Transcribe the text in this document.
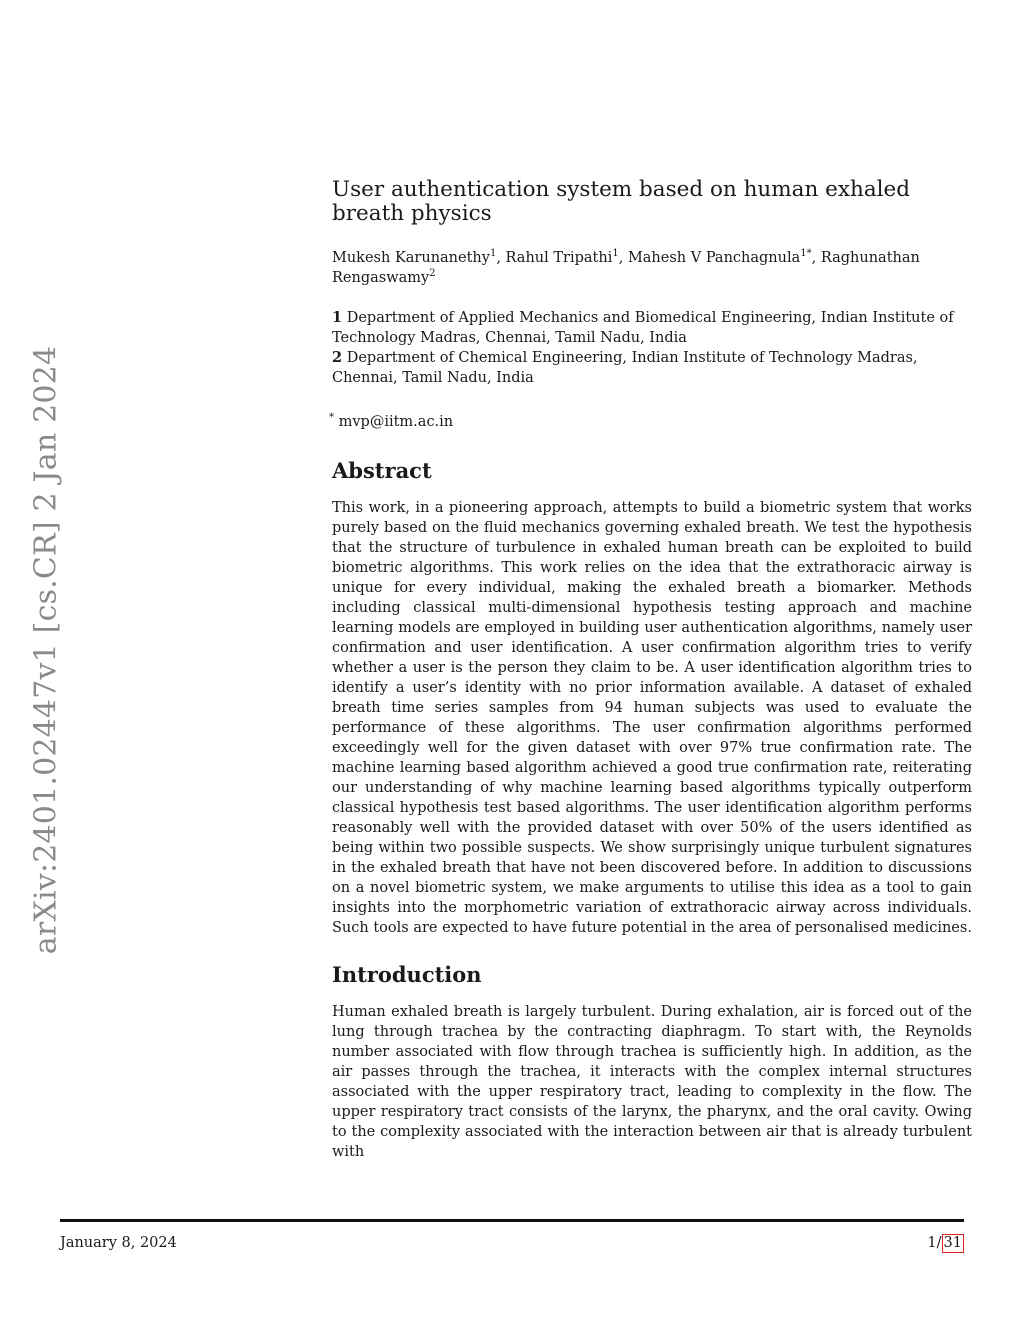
arXiv:2401.02447v1 [cs.CR] 2 Jan 2024
User authentication system based on human exhaled breath physics
Mukesh Karunanethy$^1$, Rahul Tripathi$^1$, Mahesh V Panchagnula$^{1*}$, Raghunathan Rengaswamy$^2$
1 Department of Applied Mechanics and Biomedical Engineering, Indian Institute of Technology Madras, Chennai, Tamil Nadu, India
2 Department of Chemical Engineering, Indian Institute of Technology Madras, Chennai, Tamil Nadu, India
* mvp@iitm.ac.in
Abstract
This work, in a pioneering approach, attempts to build a biometric system that works purely based on the fluid mechanics governing exhaled breath. We test the hypothesis that the structure of turbulence in exhaled human breath can be exploited to build biometric algorithms. This work relies on the idea that the extrathoracic airway is unique for every individual, making the exhaled breath a biomarker. Methods including classical multi-dimensional hypothesis testing approach and machine learning models are employed in building user authentication algorithms, namely user confirmation and user identification. A user confirmation algorithm tries to verify whether a user is the person they claim to be. A user identification algorithm tries to identify a user’s identity with no prior information available. A dataset of exhaled breath time series samples from 94 human subjects was used to evaluate the performance of these algorithms. The user confirmation algorithms performed exceedingly well for the given dataset with over 97% true confirmation rate. The machine learning based algorithm achieved a good true confirmation rate, reiterating our understanding of why machine learning based algorithms typically outperform classical hypothesis test based algorithms. The user identification algorithm performs reasonably well with the provided dataset with over 50% of the users identified as being within two possible suspects. We show surprisingly unique turbulent signatures in the exhaled breath that have not been discovered before. In addition to discussions on a novel biometric system, we make arguments to utilise this idea as a tool to gain insights into the morphometric variation of extrathoracic airway across individuals. Such tools are expected to have future potential in the area of personalised medicines.
Introduction
Human exhaled breath is largely turbulent. During exhalation, air is forced out of the lung through trachea by the contracting diaphragm. To start with, the Reynolds number associated with flow through trachea is sufficiently high. In addition, as the air passes through the trachea, it interacts with the complex internal structures associated with the upper respiratory tract, leading to complexity in the flow. The upper respiratory tract consists of the larynx, the pharynx, and the oral cavity. Owing to the complexity associated with the interaction between air that is already turbulent with
January 8, 2024	1/ 31
